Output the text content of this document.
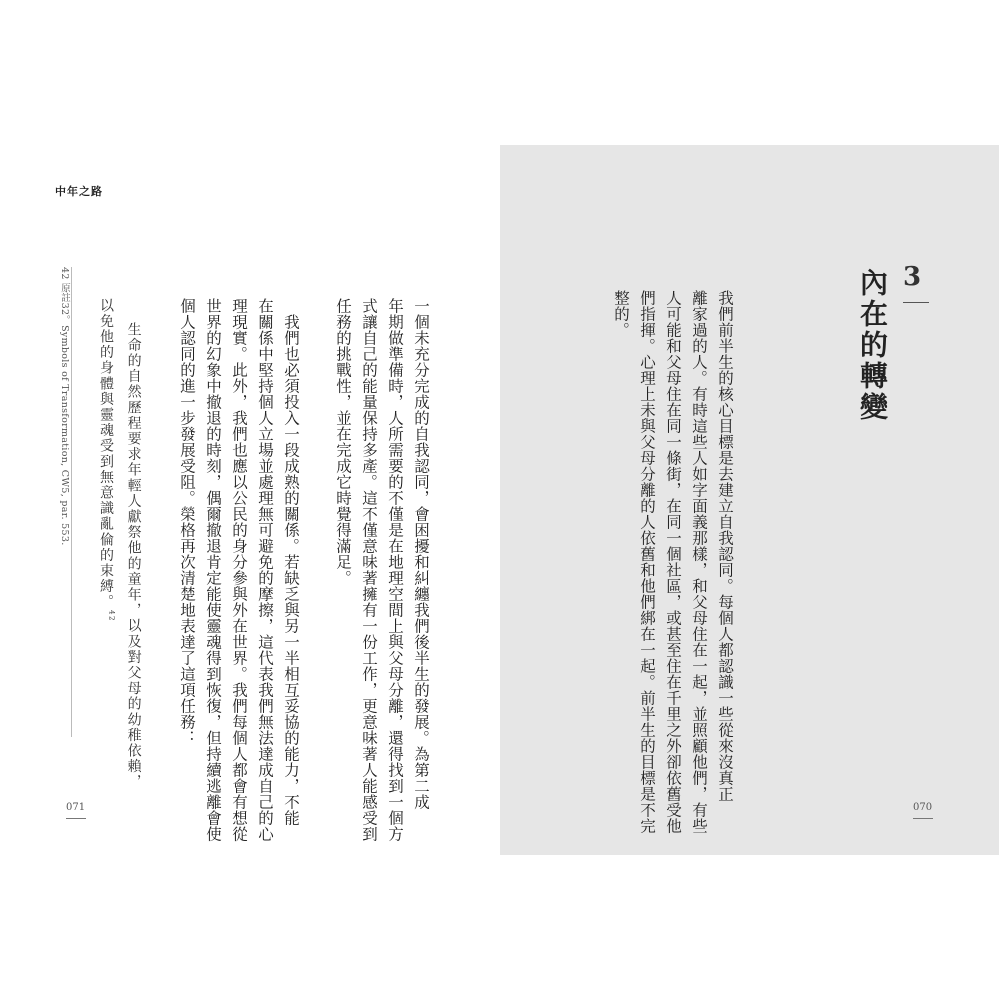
中年之路
一個未充分完成的自我認同，會困擾和糾纏我們後半生的發展。為第二成
年期做準備時，人所需要的不僅是在地理空間上與父母分離，還得找到一個方
式讓自己的能量保持多產。這不僅意味著擁有一份工作，更意味著人能感受到
任務的挑戰性，並在完成它時覺得滿足。
我們也必須投入一段成熟的關係。若缺乏與另一半相互妥協的能力，不能
在關係中堅持個人立場並處理無可避免的摩擦，這代表我們無法達成自己的心
理現實。此外，我們也應以公民的身分參與外在世界。我們每個人都會有想從
世界的幻象中撤退的時刻，偶爾撤退肯定能使靈魂得到恢復，但持續逃離會使
個人認同的進一步發展受阻。榮格再次清楚地表達了這項任務：
生命的自然歷程要求年輕人獻祭他的童年，以及對父母的幼稚依賴，
以免他的身體與靈魂受到無意識亂倫的束縛。$^{42}$
42 原註32。Symbols of Transformation, CW5, par. 553.
071
3
內在的轉變
我們前半生的核心目標是去建立自我認同。每個人都認識一些從來沒真正
離家過的人。有時這些人如字面義那樣，和父母住在一起，並照顧他們，有些
人可能和父母住在同一條街，在同一個社區，或甚至住在千里之外卻依舊受他
們指揮。心理上未與父母分離的人依舊和他們綁在一起。前半生的目標是不完
整的。
070
